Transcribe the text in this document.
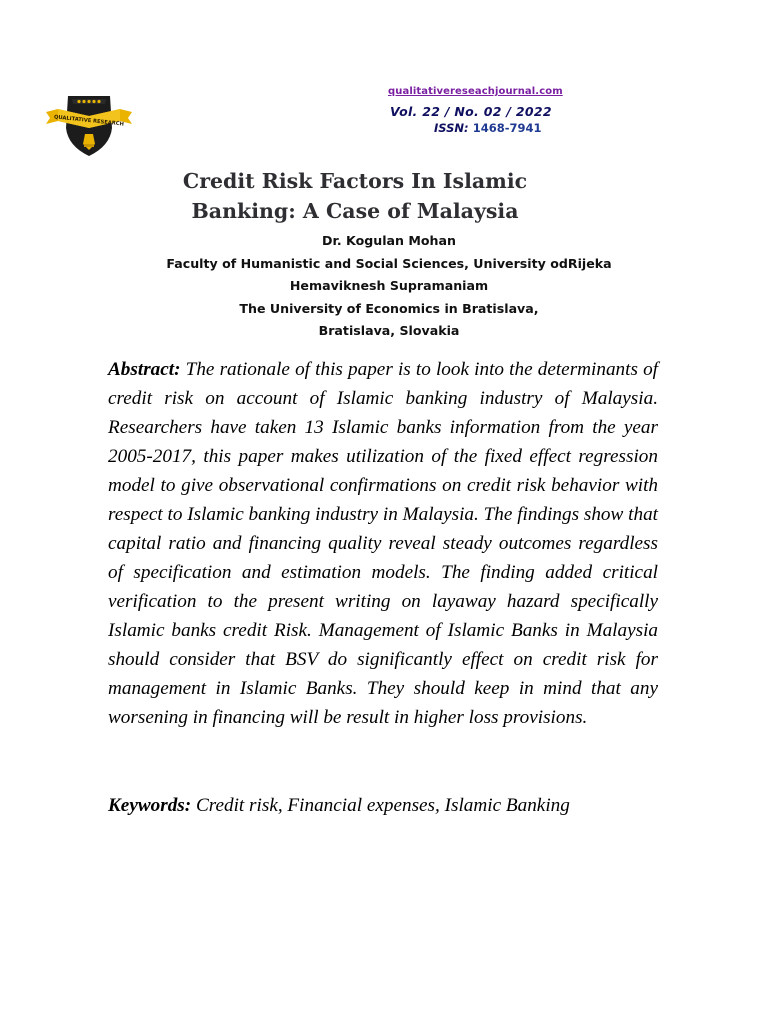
QUALITATIVE RESEARCH
qualitativereseachjournal.com
Vol. 22 / No. 02 / 2022
ISSN: 1468-7941
Credit Risk Factors In Islamic
Banking: A Case of Malaysia
Dr. Kogulan Mohan
Faculty of Humanistic and Social Sciences, University odRijeka
Hemaviknesh Supramaniam
The University of Economics in Bratislava,
Bratislava, Slovakia

Abstract: The rationale of this paper is to look into the determinants of credit risk on account of Islamic banking industry of Malaysia. Researchers have taken 13 Islamic banks information from the year 2005-2017, this paper makes utilization of the fixed effect regression model to give observational confirmations on credit risk behavior with respect to Islamic banking industry in Malaysia. The findings show that capital ratio and financing quality reveal steady outcomes regardless of specification and estimation models. The finding added critical verification to the present writing on layaway hazard specifically Islamic banks credit Risk. Management of Islamic Banks in Malaysia should consider that BSV do significantly effect on credit risk for management in Islamic Banks. They should keep in mind that any worsening in financing will be result in higher loss provisions.

Keywords: Credit risk, Financial expenses, Islamic Banking
